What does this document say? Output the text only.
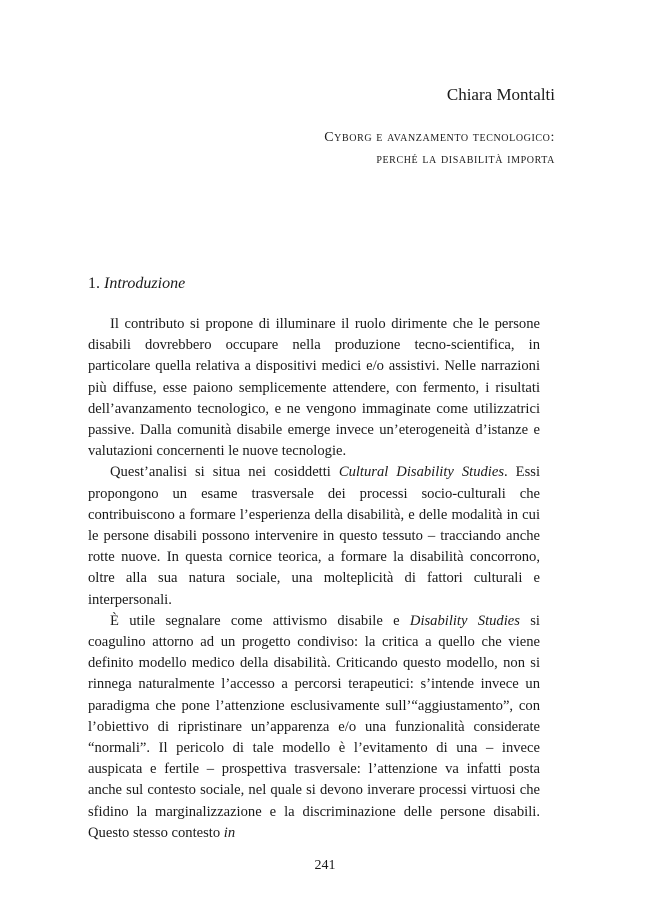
Chiara Montalti

Cyborg e avanzamento tecnologico:
perché la disabilità importa
1. Introduzione

Il contributo si propone di illuminare il ruolo dirimente che le persone disabili dovrebbero occupare nella produzione tecno-scientifica, in particolare quella relativa a dispositivi medici e/o assistivi. Nelle narrazioni più diffuse, esse paiono semplicemente attendere, con fermento, i risultati dell’avanzamento tecnologico, e ne vengono immaginate come utilizzatrici passive. Dalla comunità disabile emerge invece un’eterogeneità d’istanze e valutazioni concernenti le nuove tecnologie.

Quest’analisi si situa nei cosiddetti Cultural Disability Studies. Essi propongono un esame trasversale dei processi socio-culturali che contribuiscono a formare l’esperienza della disabilità, e delle modalità in cui le persone disabili possono intervenire in questo tessuto – tracciando anche rotte nuove. In questa cornice teorica, a formare la disabilità concorrono, oltre alla sua natura sociale, una molteplicità di fattori culturali e interpersonali.

È utile segnalare come attivismo disabile e Disability Studies si coagulino attorno ad un progetto condiviso: la critica a quello che viene definito modello medico della disabilità. Criticando questo modello, non si rinnega naturalmente l’accesso a percorsi terapeutici: s’intende invece un paradigma che pone l’attenzione esclusivamente sull’“aggiustamento”, con l’obiettivo di ripristinare un’apparenza e/o una funzionalità considerate “normali”. Il pericolo di tale modello è l’evitamento di una – invece auspicata e fertile – prospettiva trasversale: l’attenzione va infatti posta anche sul contesto sociale, nel quale si devono inverare processi virtuosi che sfidino la marginalizzazione e la discriminazione delle persone disabili. Questo stesso contesto in

241
